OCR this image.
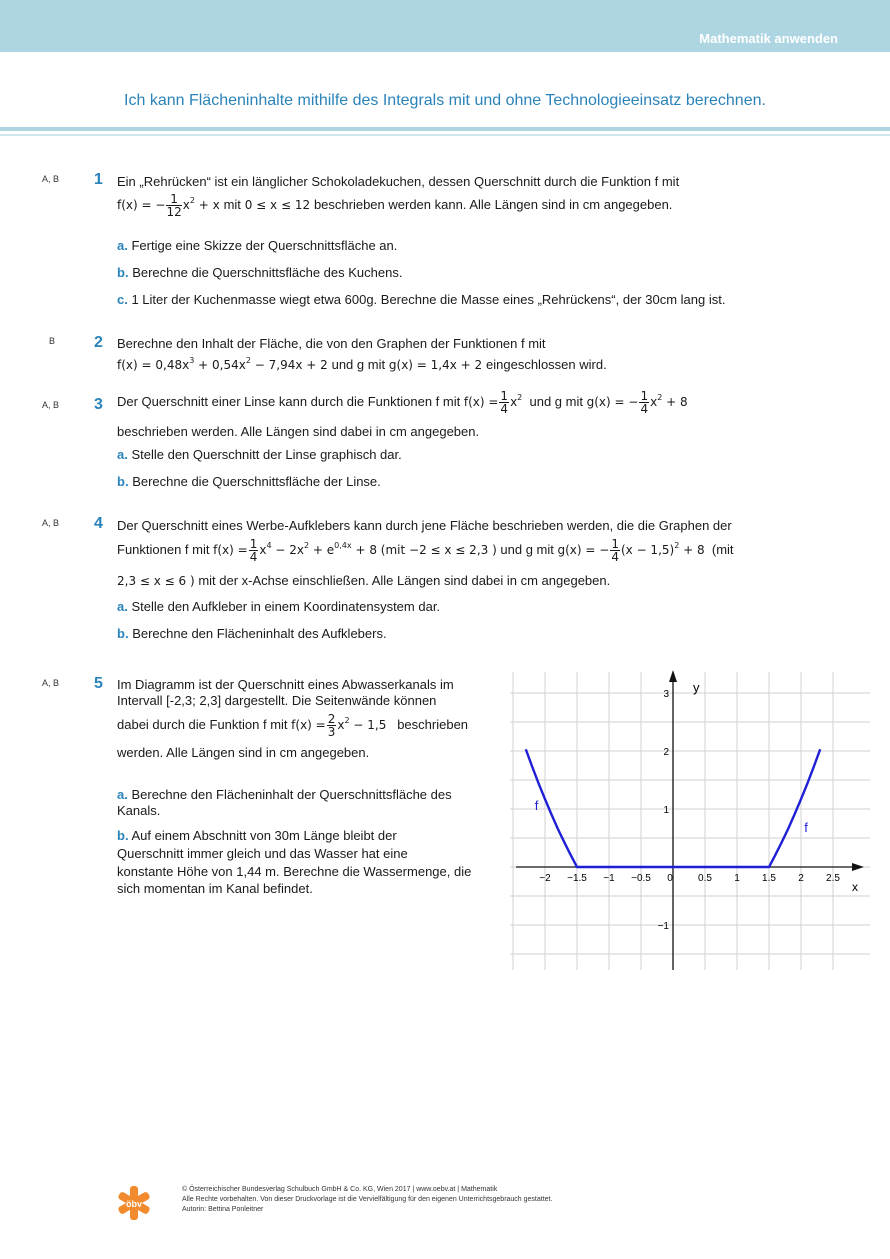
Mathematik anwenden
Ich kann Flächeninhalte mithilfe des Integrals mit und ohne Technologieeinsatz berechnen.
A, B 1 Ein „Rehrücken“ ist ein länglicher Schokoladekuchen, dessen Querschnitt durch die Funktion f mit
f(x) = − $\frac{1}{12} x^2 + x$ mit 0 ≤ x ≤ 12 beschrieben werden kann. Alle Längen sind in cm angegeben.
a. Fertige eine Skizze der Querschnittsfläche an.
b. Berechne die Querschnittsfläche des Kuchens.
c. 1 Liter der Kuchenmasse wiegt etwa 600g. Berechne die Masse eines „Rehrückens“, der 30cm lang ist.
B 2 Berechne den Inhalt der Fläche, die von den Graphen der Funktionen f mit
$f(x) = 0,48x^3 + 0,54x^2 - 7,94x + 2$ und g mit g(x) = 1,4x + 2 eingeschlossen wird.
A, B 3 Der Querschnitt einer Linse kann durch die Funktionen f mit $f(x) = \frac{1}{4} x^2$ und g mit g(x) = − $\frac{1}{4} x^2 + 8$
beschrieben werden. Alle Längen sind dabei in cm angegeben.
a. Stelle den Querschnitt der Linse graphisch dar.
b. Berechne die Querschnittsfläche der Linse.
A, B 4 Der Querschnitt eines Werbe-Aufklebers kann durch jene Fläche beschrieben werden, die die Graphen der
Funktionen f mit $f(x) = \frac{1}{4} x^4 - 2x^2 + e^{0,4x} + 8$ (mit −2 ≤ x ≤ 2,3 ) und g mit g(x) = − $\frac{1}{4} (x - 1,5)^2 + 8$ (mit
2,3 ≤ x ≤ 6 ) mit der x-Achse einschließen. Alle Längen sind dabei in cm angegeben.
a. Stelle den Aufkleber in einem Koordinatensystem dar.
b. Berechne den Flächeninhalt des Aufklebers.
A, B 5 Im Diagramm ist der Querschnitt eines Abwasserkanals im
Intervall [-2,3; 2,3] dargestellt. Die Seitenwände können
dabei durch die Funktion f mit $f(x) = \frac{2}{3} x^2 - 1,5$ beschrieben
werden. Alle Längen sind in cm angegeben.
a. Berechne den Flächeninhalt der Querschnittsfläche des
Kanals.
b. Auf einem Abschnitt von 30m Länge bleibt der
Querschnitt immer gleich und das Wasser hat eine
konstante Höhe von 1,44 m. Berechne die Wassermenge, die
sich momentan im Kanal befindet.	x
y
−2 −1.5 −1 −0.5 0	0.5 1 1.5 2 2.5
−1
1
2
3
f
f
öbv
© Österreichischer Bundesverlag Schulbuch GmbH & Co. KG, Wien 2017 | www.oebv.at | Mathematik
Alle Rechte vorbehalten. Von dieser Druckvorlage ist die Vervielfältigung für den eigenen Unterrichtsgebrauch gestattet.
Autorin: Bettina Ponleitner
